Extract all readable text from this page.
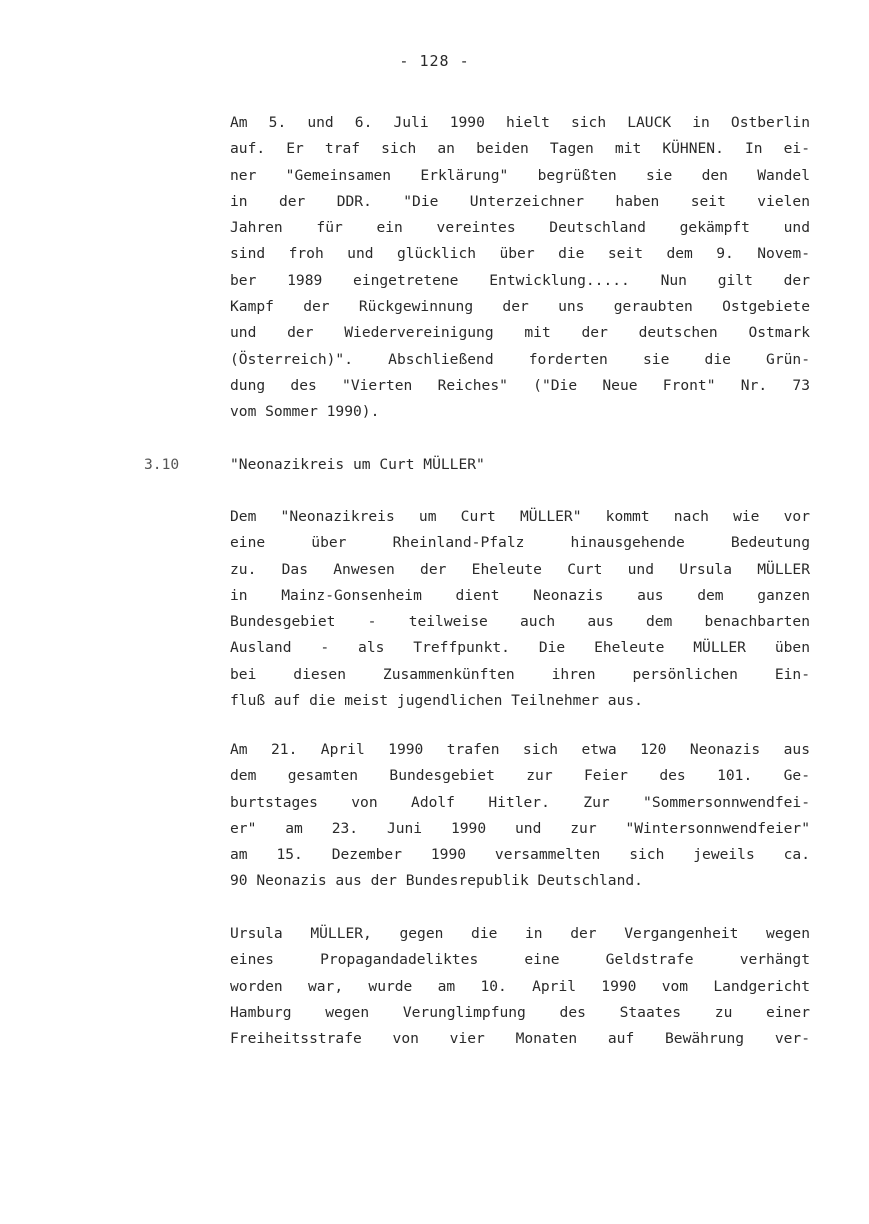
- 128 -
Am 5. und 6. Juli 1990 hielt sich LAUCK in Ostberlin
auf. Er traf sich an beiden Tagen mit KÜHNEN. In ei-
ner "Gemeinsamen Erklärung" begrüßten sie den Wandel
in der DDR. "Die Unterzeichner haben seit vielen
Jahren für ein vereintes Deutschland gekämpft und
sind froh und glücklich über die seit dem 9. Novem-
ber 1989 eingetretene Entwicklung..... Nun gilt der
Kampf der Rückgewinnung der uns geraubten Ostgebiete
und der Wiedervereinigung mit der deutschen Ostmark
(Österreich)". Abschließend forderten sie die Grün-
dung des "Vierten Reiches" ("Die Neue Front" Nr. 73
vom Sommer 1990).
3.10	"Neonazikreis um Curt MÜLLER"
Dem "Neonazikreis um Curt MÜLLER" kommt nach wie vor
eine über Rheinland-Pfalz hinausgehende Bedeutung
zu. Das Anwesen der Eheleute Curt und Ursula MÜLLER
in Mainz-Gonsenheim dient Neonazis aus dem ganzen
Bundesgebiet - teilweise auch aus dem benachbarten
Ausland - als Treffpunkt. Die Eheleute MÜLLER üben
bei diesen Zusammenkünften ihren persönlichen Ein-
fluß auf die meist jugendlichen Teilnehmer aus.
Am 21. April 1990 trafen sich etwa 120 Neonazis aus
dem gesamten Bundesgebiet zur Feier des 101. Ge-
burtstages von Adolf Hitler. Zur "Sommersonnwendfei-
er" am 23. Juni 1990 und zur "Wintersonnwendfeier"
am 15. Dezember 1990 versammelten sich jeweils ca.
90 Neonazis aus der Bundesrepublik Deutschland.
Ursula MÜLLER, gegen die in der Vergangenheit wegen
eines Propagandadeliktes eine Geldstrafe verhängt
worden war, wurde am 10. April 1990 vom Landgericht
Hamburg wegen Verunglimpfung des Staates zu einer
Freiheitsstrafe von vier Monaten auf Bewährung ver-
